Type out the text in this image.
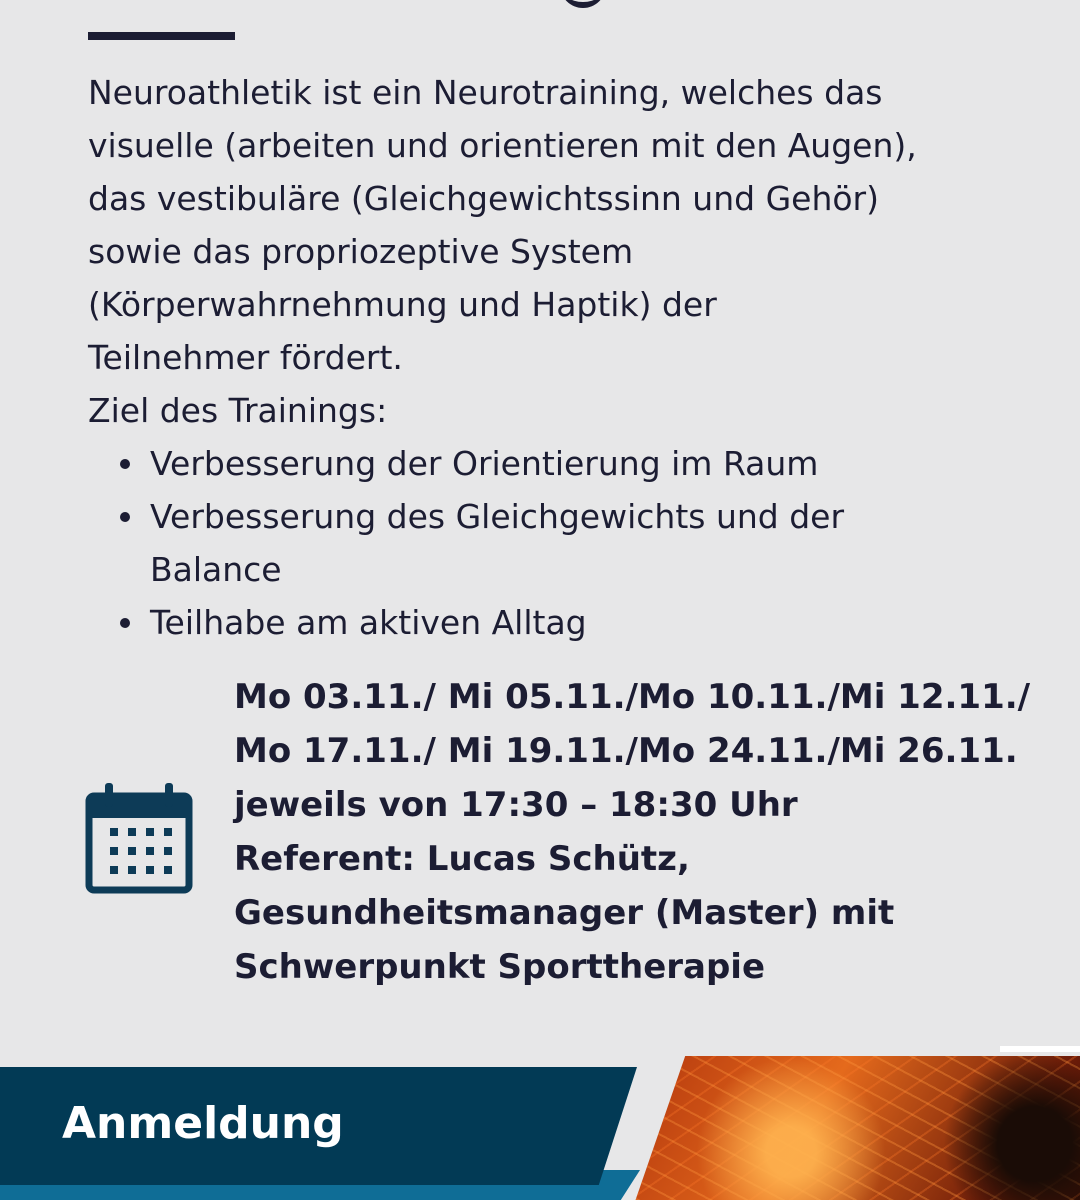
Neuroathletik ist ein Neurotraining, welches das

visuelle (arbeiten und orientieren mit den Augen),

das vestibuläre (Gleichgewichtssinn und Gehör)

sowie das propriozeptive System

(Körperwahrnehmung und Haptik) der

Teilnehmer fördert.

Ziel des Trainings:

Verbesserung der Orientierung im Raum
Verbesserung des Gleichgewichts und der
Balance
Teilhabe am aktiven Alltag
Mo 03.11./ Mi 05.11./Mo 10.11./Mi 12.11./
Mo 17.11./ Mi 19.11./Mo 24.11./Mi 26.11.
jeweils von 17:30 – 18:30 Uhr
Referent: Lucas Schütz,
Gesundheitsmanager (Master) mit
Schwerpunkt Sporttherapie

Anmeldung
